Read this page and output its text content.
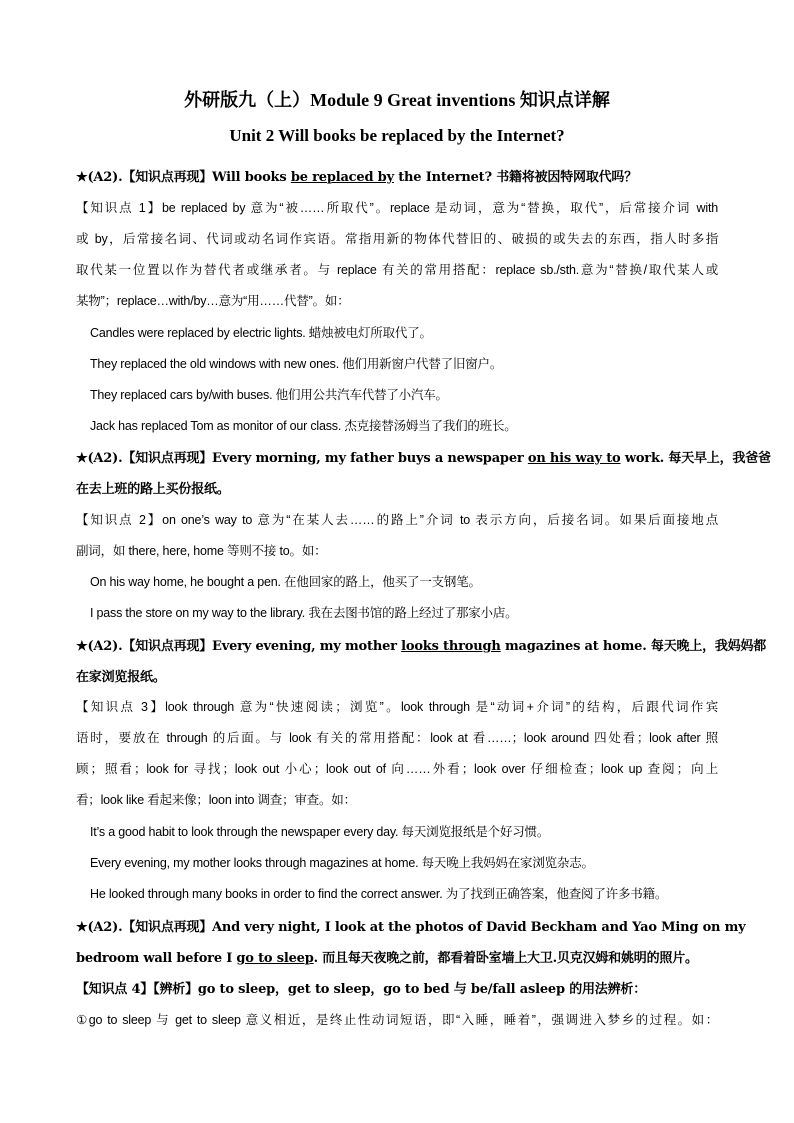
外研版九（上）Module 9 Great inventions 知识点详解
Unit 2 Will books be replaced by the Internet?
★(A2).【知识点再现】Will books be replaced by the Internet? 书籍将被因特网取代吗？
【知识点 1】be replaced by 意为“被……所取代”。replace 是动词，意为“替换，取代”，后常接介词 with
或 by，后常接名词、代词或动名词作宾语。常指用新的物体代替旧的、破损的或失去的东西，指人时多指
取代某一位置以作为替代者或继承者。与 replace 有关的常用搭配：replace sb./sth.意为“替换/取代某人或
某物”；replace…with/by…意为“用……代替”。如：
Candles were replaced by electric lights. 蜡烛被电灯所取代了。
They replaced the old windows with new ones. 他们用新窗户代替了旧窗户。
They replaced cars by/with buses. 他们用公共汽车代替了小汽车。
Jack has replaced Tom as monitor of our class. 杰克接替汤姆当了我们的班长。
★(A2).【知识点再现】Every morning, my father buys a newspaper on his way to work. 每天早上，我爸爸
在去上班的路上买份报纸。
【知识点 2】on one’s way to 意为“在某人去……的路上”介词 to 表示方向，后接名词。如果后面接地点
副词，如 there, here, home 等则不接 to。如：
On his way home, he bought a pen. 在他回家的路上，他买了一支钢笔。
I pass the store on my way to the library. 我在去图书馆的路上经过了那家小店。
★(A2).【知识点再现】Every evening, my mother looks through magazines at home. 每天晚上，我妈妈都
在家浏览报纸。
【知识点 3】look through 意为“快速阅读；浏览”。look through 是“动词+介词”的结构，后跟代词作宾
语时，要放在 through 的后面。与 look 有关的常用搭配：look at 看……；look around 四处看；look after 照
顾；照看；look for 寻找；look out 小心；look out of 向……外看；look over 仔细检查；look up 查阅；向上
看；look like 看起来像；loon into 调查；审查。如：
It’s a good habit to look through the newspaper every day. 每天浏览报纸是个好习惯。
Every evening, my mother looks through magazines at home. 每天晚上我妈妈在家浏览杂志。
He looked through many books in order to find the correct answer. 为了找到正确答案，他查阅了许多书籍。
★(A2).【知识点再现】And very night, I look at the photos of David Beckham and Yao Ming on my
bedroom wall before I go to sleep. 而且每天夜晚之前，都看着卧室墙上大卫.贝克汉姆和姚明的照片。
【知识点 4】【辨析】go to sleep，get to sleep，go to bed 与 be/fall asleep 的用法辨析：
①go to sleep 与 get to sleep 意义相近，是终止性动词短语，即“入睡，睡着”，强调进入梦乡的过程。如：
